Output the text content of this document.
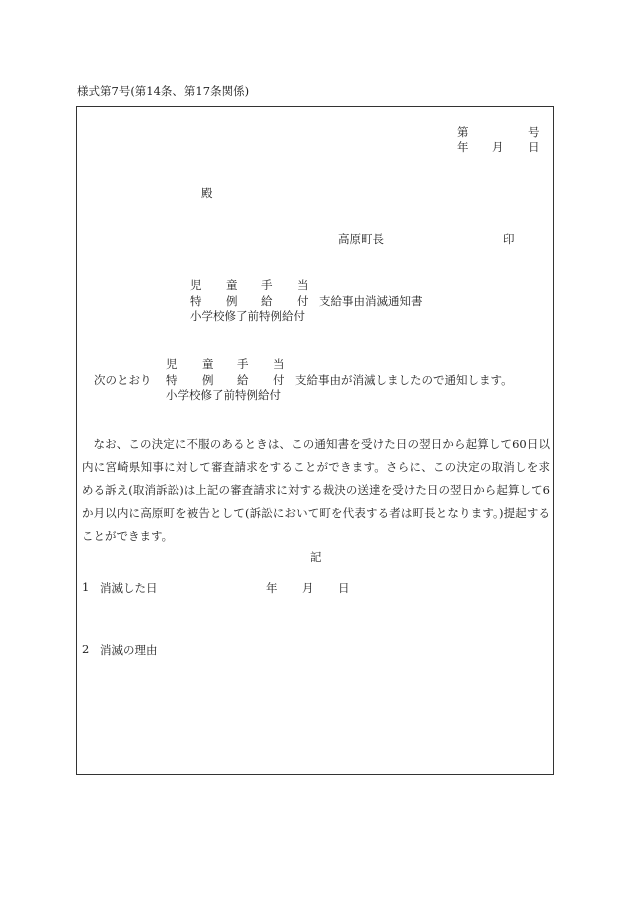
様式第7号(第14条、第17条関係)
第	号
年 月 日
殿
高原町長	印
児 童 手 当
特 例 給 付 支給事由消滅通知書
小学校修了前特例給付
児 童 手 当
次のとおり 特 例 給 付 支給事由が消滅しましたので通知します。
小学校修了前特例給付

なお、この決定に不服のあるときは、この通知書を受けた日の翌日から起算して60日以内に宮崎県知事に対して審査請求をすることができます。さらに、この決定の取消しを求める訴え(取消訴訟)は上記の審査請求に対する裁決の送達を受けた日の翌日から起算して6か月以内に高原町を被告として(訴訟において町を代表する者は町長となります。)提起することができます。

記
1 消滅した日	年 月 日
2 消滅の理由
